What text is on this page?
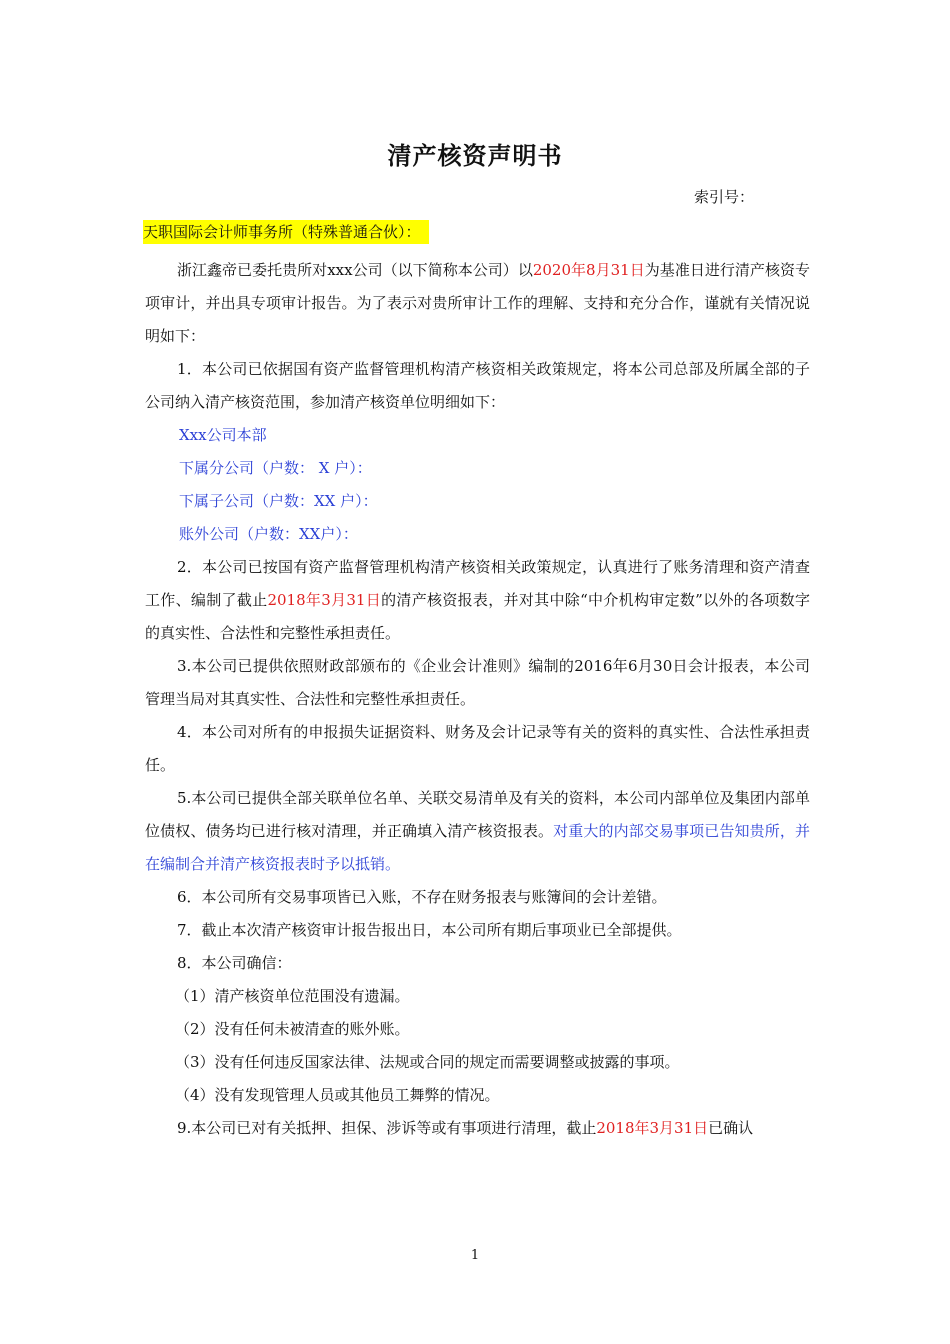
清产核资声明书
索引号：
天职国际会计师事务所（特殊普通合伙）：

浙江鑫帝已委托贵所对xxx公司（以下简称本公司）以2020年8月31日为基准日进行清产核资专项审计，并出具专项审计报告。为了表示对贵所审计工作的理解、支持和充分合作，谨就有关情况说明如下：

1．本公司已依据国有资产监督管理机构清产核资相关政策规定，将本公司总部及所属全部的子公司纳入清产核资范围，参加清产核资单位明细如下：

Xxx公司本部

下属分公司（户数： X 户）：

下属子公司（户数：XX 户）：

账外公司（户数：XX户）：

2．本公司已按国有资产监督管理机构清产核资相关政策规定，认真进行了账务清理和资产清查工作、编制了截止2018年3月31日的清产核资报表，并对其中除“中介机构审定数”以外的各项数字的真实性、合法性和完整性承担责任。

3.本公司已提供依照财政部颁布的《企业会计准则》编制的2016年6月30日会计报表，本公司管理当局对其真实性、合法性和完整性承担责任。

4．本公司对所有的申报损失证据资料、财务及会计记录等有关的资料的真实性、合法性承担责任。

5.本公司已提供全部关联单位名单、关联交易清单及有关的资料，本公司内部单位及集团内部单位债权、债务均已进行核对清理，并正确填入清产核资报表。对重大的内部交易事项已告知贵所，并在编制合并清产核资报表时予以抵销。

6．本公司所有交易事项皆已入账，不存在财务报表与账簿间的会计差错。

7．截止本次清产核资审计报告报出日，本公司所有期后事项业已全部提供。

8．本公司确信：

（1）清产核资单位范围没有遗漏。

（2）没有任何未被清查的账外账。

（3）没有任何违反国家法律、法规或合同的规定而需要调整或披露的事项。

（4）没有发现管理人员或其他员工舞弊的情况。

9.本公司已对有关抵押、担保、涉诉等或有事项进行清理，截止2018年3月31日已确认

1
